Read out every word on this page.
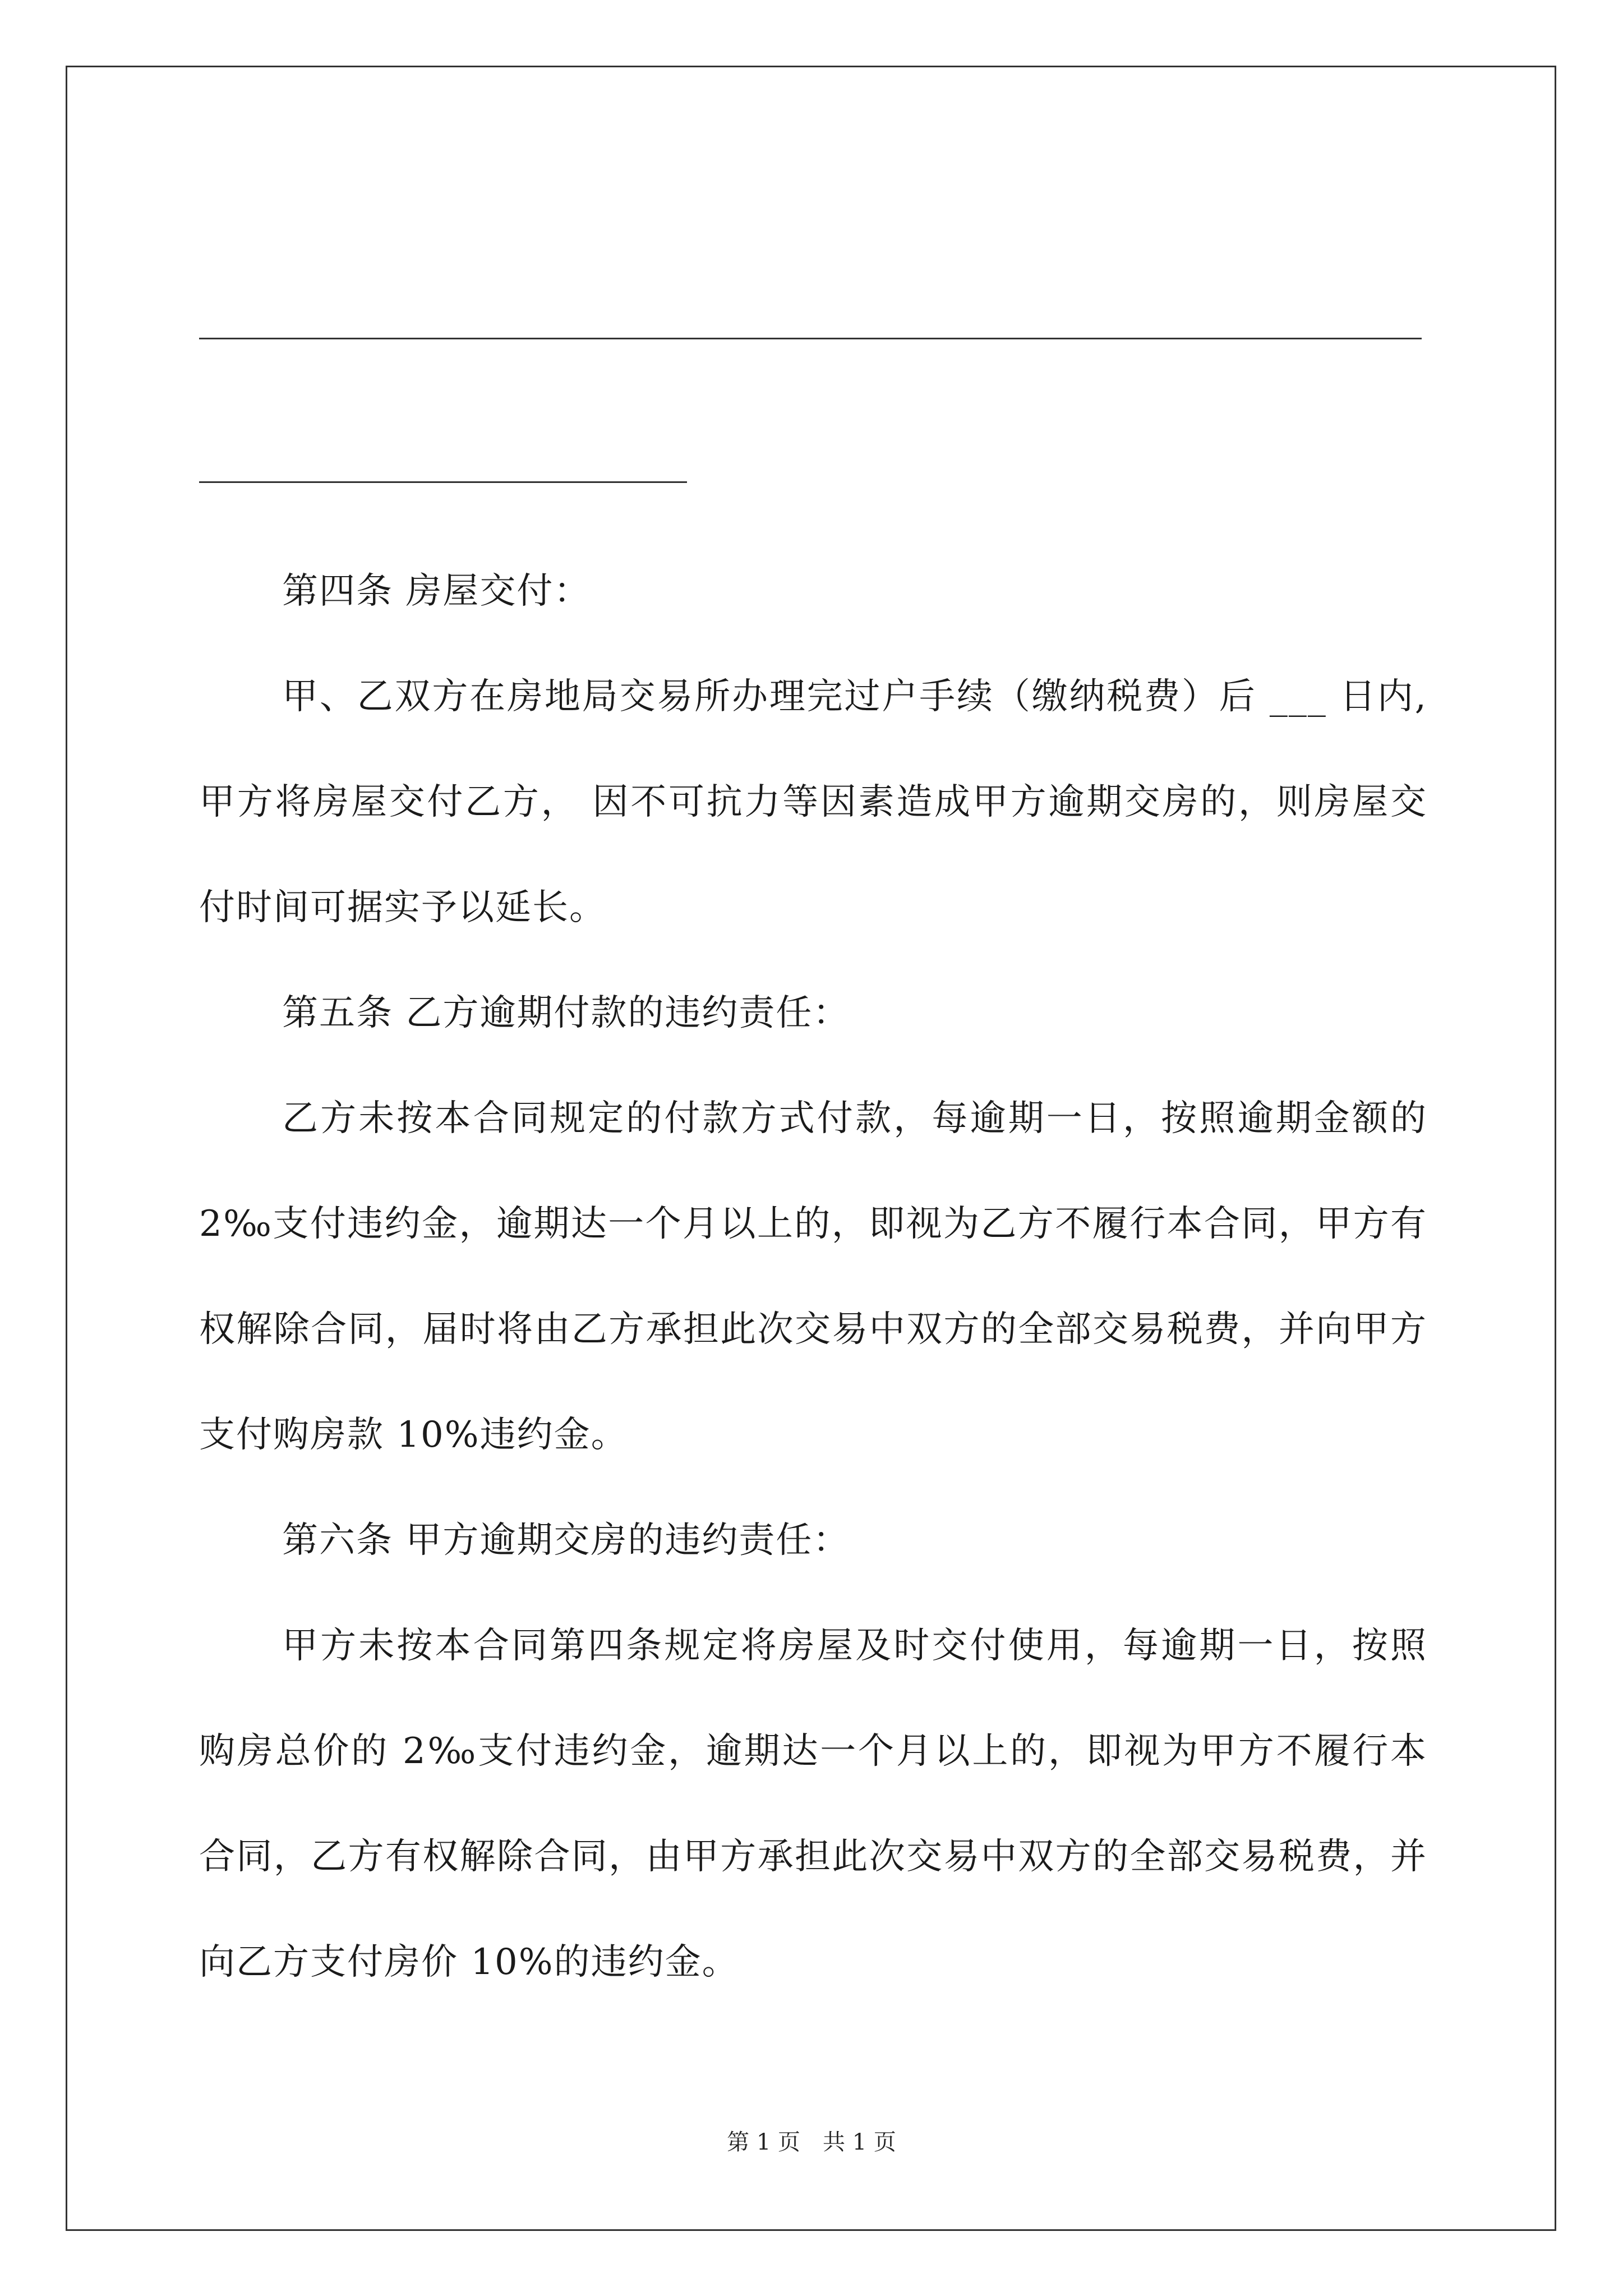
第四条 房屋交付：

甲、乙双方在房地局交易所办理完过户手续（缴纳税费）后 ___ 日内,甲方将房屋交付乙方， 因不可抗力等因素造成甲方逾期交房的，则房屋交付时间可据实予以延长。

第五条 乙方逾期付款的违约责任：

乙方未按本合同规定的付款方式付款，每逾期一日，按照逾期金额的 2‰支付违约金，逾期达一个月以上的，即视为乙方不履行本合同，甲方有权解除合同，届时将由乙方承担此次交易中双方的全部交易税费，并向甲方支付购房款 10%违约金。

第六条 甲方逾期交房的违约责任：

甲方未按本合同第四条规定将房屋及时交付使用，每逾期一日，按照购房总价的 2‰支付违约金，逾期达一个月以上的，即视为甲方不履行本合同，乙方有权解除合同，由甲方承担此次交易中双方的全部交易税费，并向乙方支付房价 10%的违约金。

第 1 页 共 1 页
